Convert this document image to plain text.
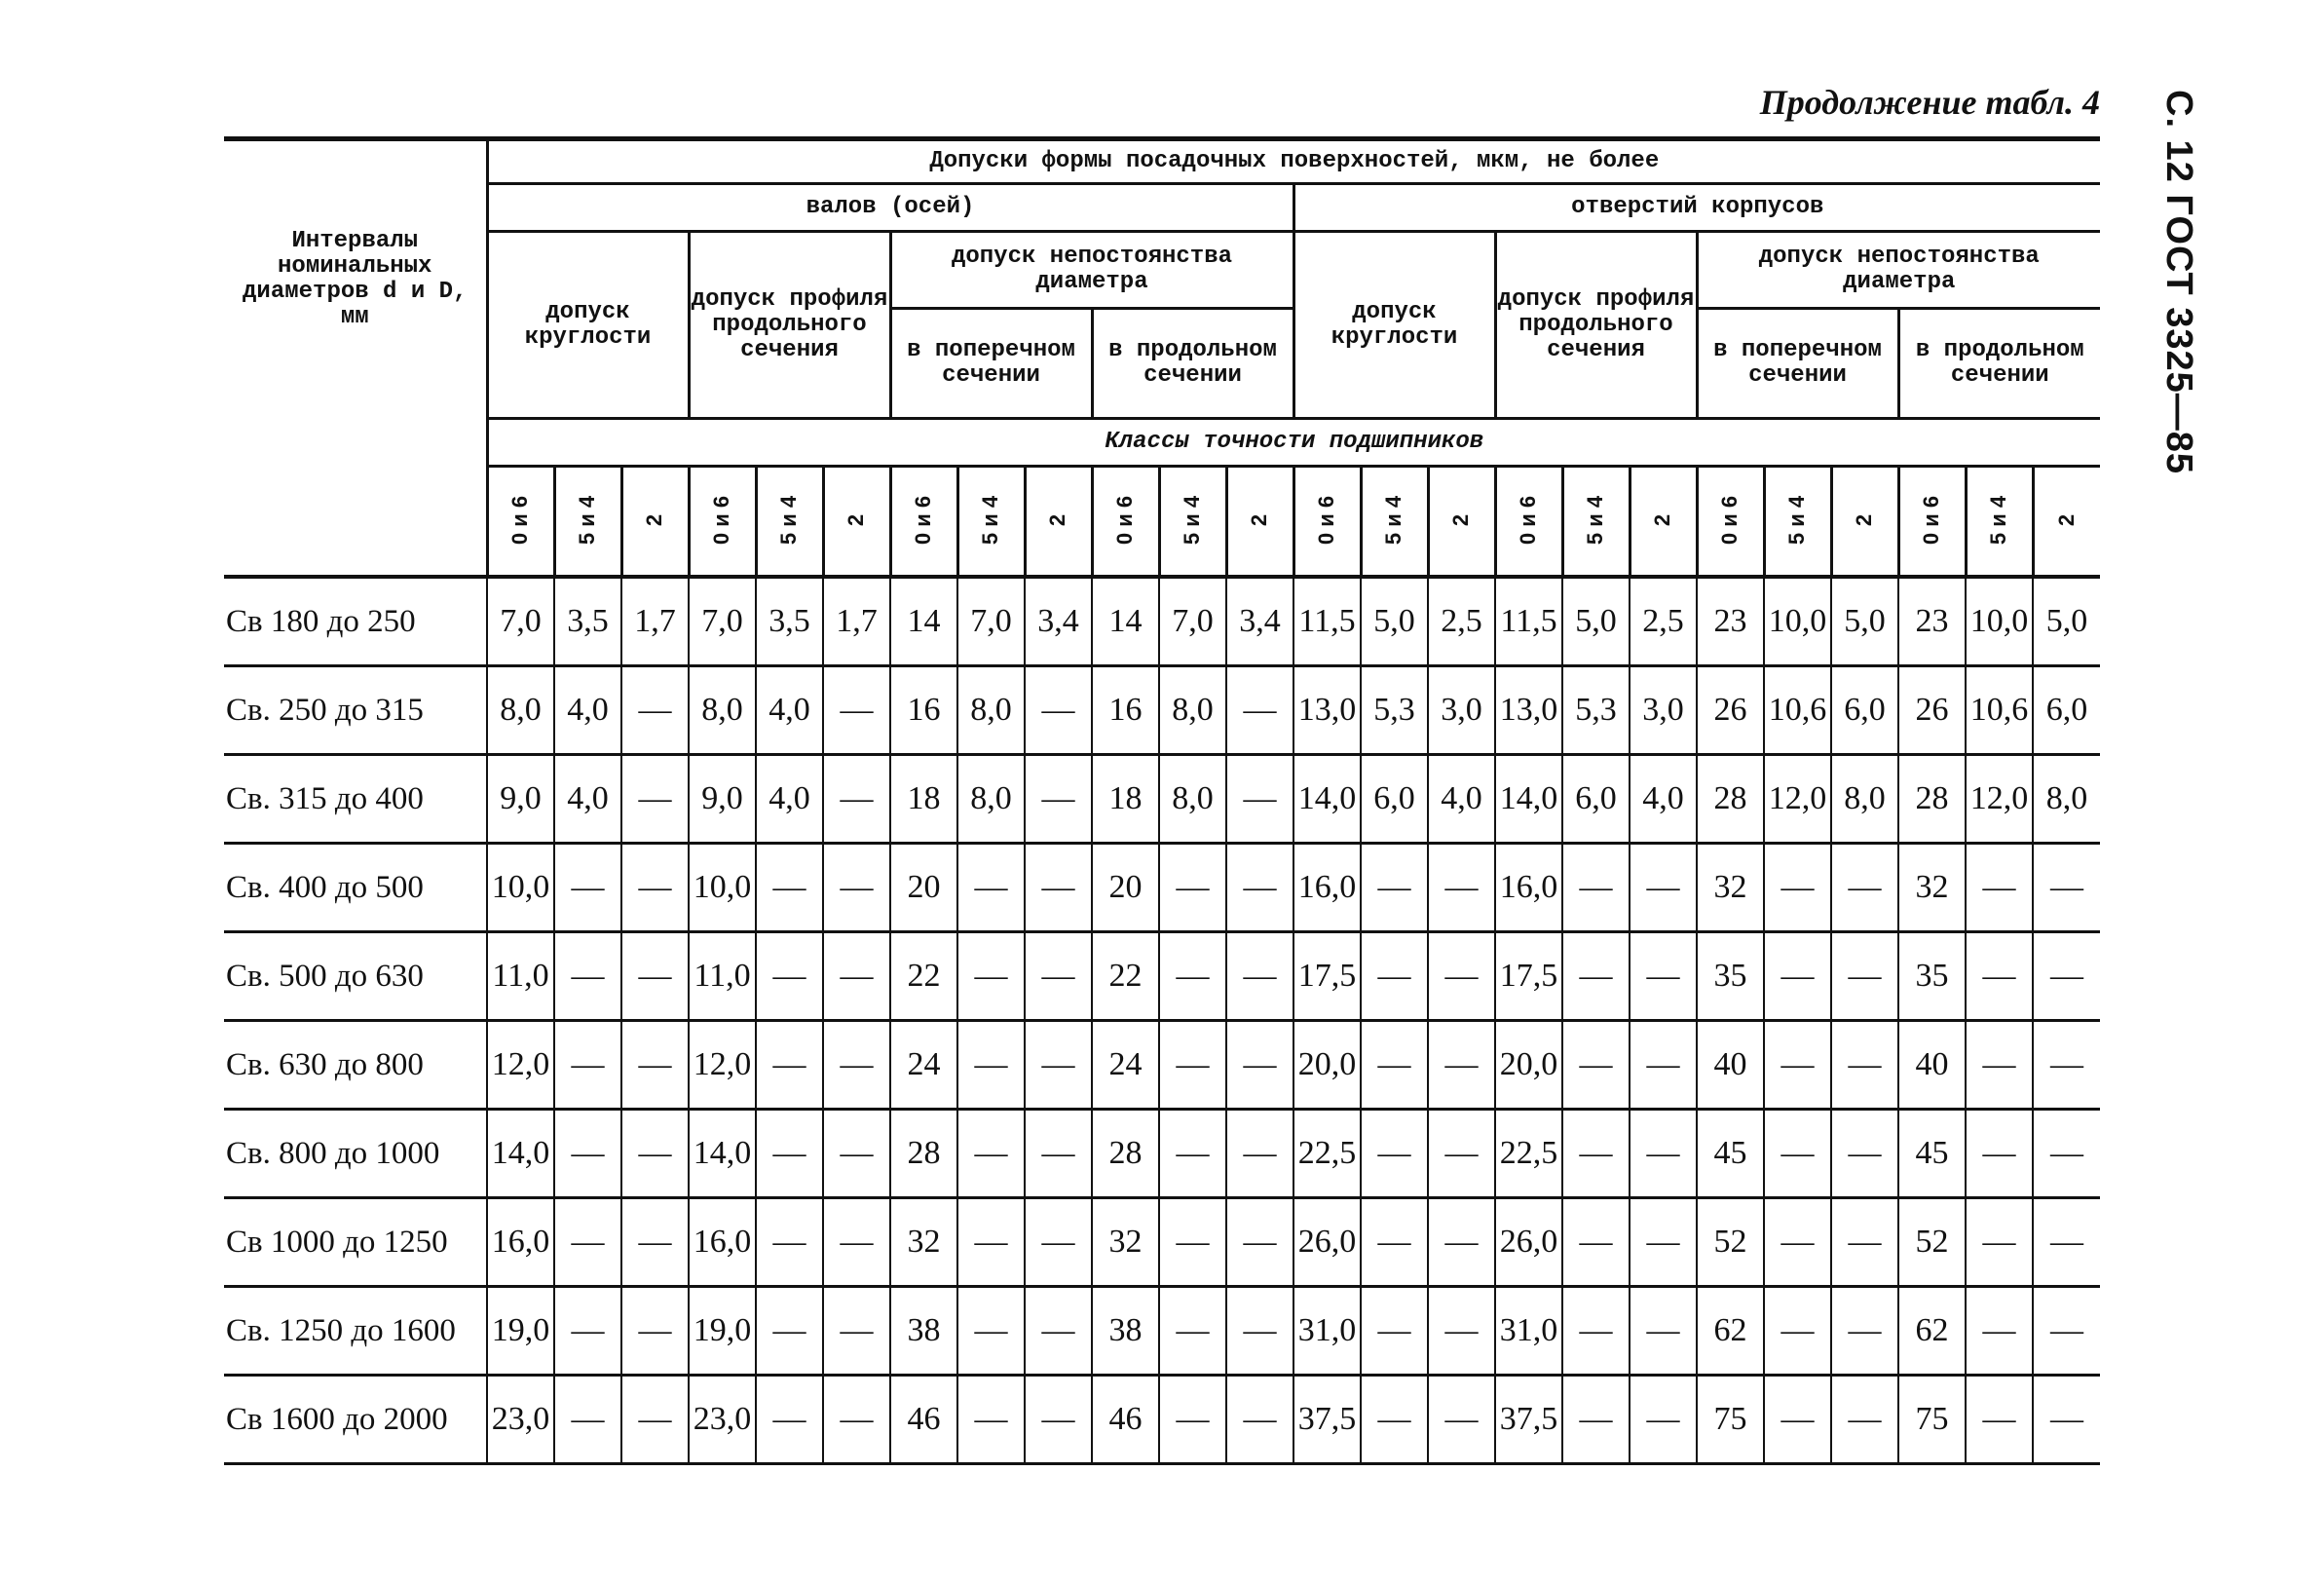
Продолжение табл. 4	С. 12 ГОСТ 3325—85
Интервалы номинальных диаметров d и D, мм	Допуски формы посадочных поверхностей, мкм, не более																							
	валов (осей)												отверстий корпусов											
	допуск круглости			допуск профиля продольного сечения			допуск непостоянства диаметра						допуск круглости			допуск профиля продольного сечения			допуск непостоянства диаметра					
							в поперечном сечении			в продольном сечении									в поперечном сечении			в продольном сечении		
	Классы точности подшипников																							
	0 и 6	5 и 4	2	0 и 6	5 и 4	2	0 и 6	5 и 4	2	0 и 6	5 и 4	2	0 и 6	5 и 4	2	0 и 6	5 и 4	2	0 и 6	5 и 4	2	0 и 6	5 и 4	2
Св 180 до 250	7,0	3,5	1,7	7,0	3,5	1,7	14	7,0	3,4	14	7,0	3,4	11,5	5,0	2,5	11,5	5,0	2,5	23	10,0	5,0	23	10,0	5,0
Св. 250 до 315	8,0	4,0	—	8,0	4,0	—	16	8,0	—	16	8,0	—	13,0	5,3	3,0	13,0	5,3	3,0	26	10,6	6,0	26	10,6	6,0
Св. 315 до 400	9,0	4,0	—	9,0	4,0	—	18	8,0	—	18	8,0	—	14,0	6,0	4,0	14,0	6,0	4,0	28	12,0	8,0	28	12,0	8,0
Св. 400 до 500	10,0	—	—	10,0	—	—	20	—	—	20	—	—	16,0	—	—	16,0	—	—	32	—	—	32	—	—
Св. 500 до 630	11,0	—	—	11,0	—	—	22	—	—	22	—	—	17,5	—	—	17,5	—	—	35	—	—	35	—	—
Св. 630 до 800	12,0	—	—	12,0	—	—	24	—	—	24	—	—	20,0	—	—	20,0	—	—	40	—	—	40	—	—
Св. 800 до 1000	14,0	—	—	14,0	—	—	28	—	—	28	—	—	22,5	—	—	22,5	—	—	45	—	—	45	—	—
Св 1000 до 1250	16,0	—	—	16,0	—	—	32	—	—	32	—	—	26,0	—	—	26,0	—	—	52	—	—	52	—	—
Св. 1250 до 1600	19,0	—	—	19,0	—	—	38	—	—	38	—	—	31,0	—	—	31,0	—	—	62	—	—	62	—	—
Св 1600 до 2000	23,0	—	—	23,0	—	—	46	—	—	46	—	—	37,5	—	—	37,5	—	—	75	—	—	75	—	—
